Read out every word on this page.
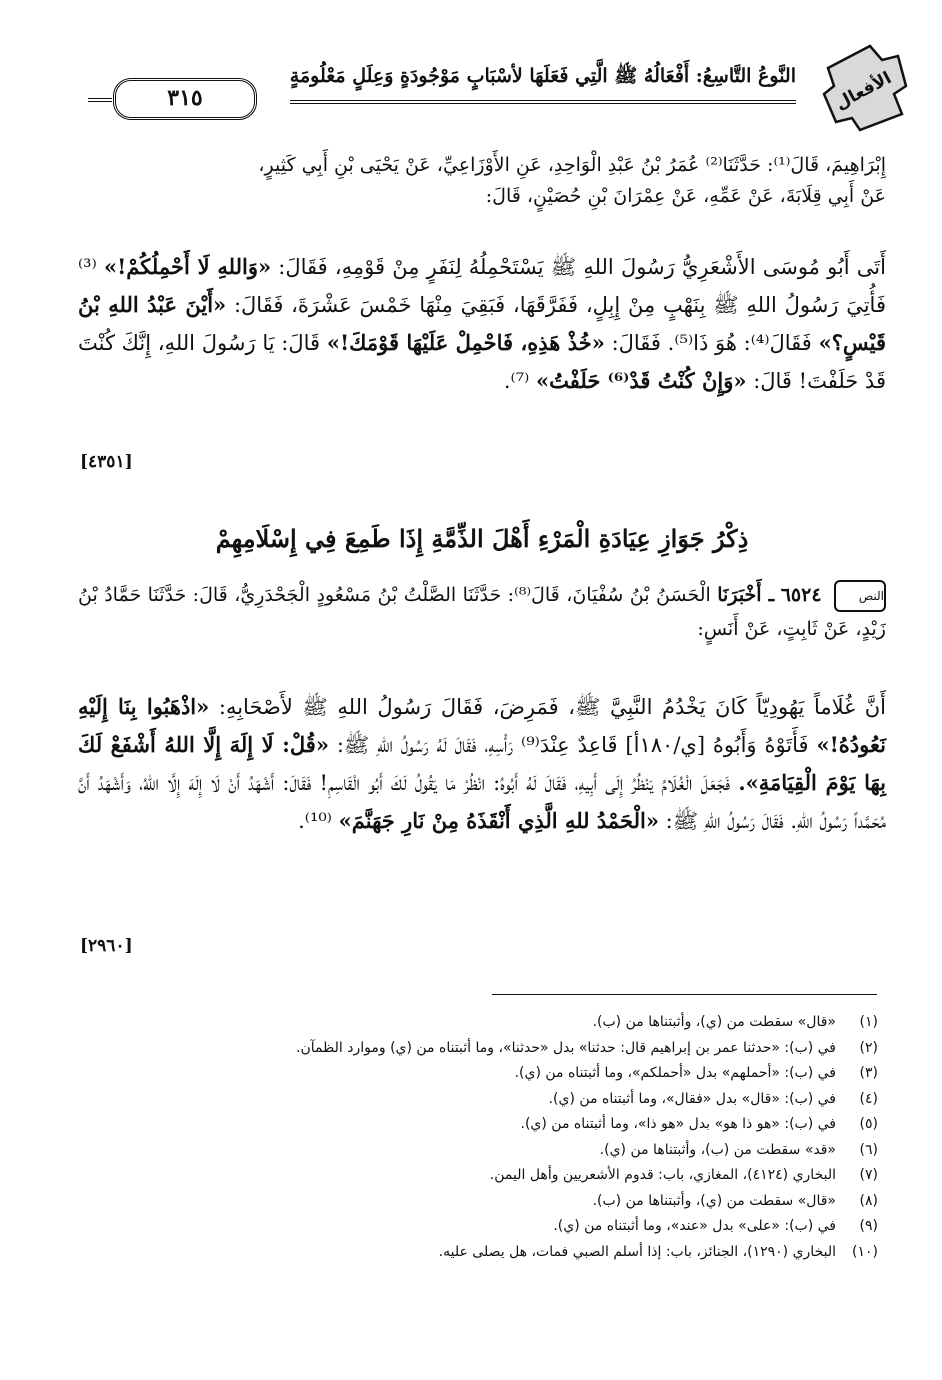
الأفعال
النَّوعُ التَّاسِعُ: أَفْعَالُهُ ﷺ الَّتِي فَعَلَهَا لأسْبَابٍ مَوْجُودَةٍ وَعِلَلٍ مَعْلُومَةٍ
٣١٥
إِبْرَاهِيمَ، قَالَ⁽¹⁾: حَدَّثَنَا⁽²⁾ عُمَرُ بْنُ عَبْدِ الْوَاحِدِ، عَنِ الأَوْزَاعِيِّ، عَنْ يَحْيَى بْنِ أَبِي كَثِيرٍ،
عَنْ أَبِي قِلَابَةَ، عَنْ عَمِّهِ، عَنْ عِمْرَانَ بْنِ حُصَيْنٍ، قَالَ:
أَتَى أَبُو مُوسَى الأَشْعَرِيُّ رَسُولَ اللهِ ﷺ يَسْتَحْمِلُهُ لِنَفَرٍ مِنْ قَوْمِهِ، فَقَالَ: «وَاللهِ لَا أَحْمِلُكُمْ!» ⁽³⁾ فَأُتِيَ رَسُولُ اللهِ ﷺ بِنَهْبٍ مِنْ إِبِلٍ، فَفَرَّقَهَا، فَبَقِيَ مِنْهَا خَمْسَ عَشْرَةَ، فَقَالَ: «أَيْنَ عَبْدُ اللهِ بْنُ قَيْسٍ؟» فَقَالَ⁽⁴⁾: هُوَ ذَا⁽⁵⁾. فَقَالَ: «خُذْ هَذِهِ، فَاحْمِلْ عَلَيْهَا قَوْمَكَ!» قَالَ: يَا رَسُولَ اللهِ، إِنَّكَ كُنْتَ قَدْ حَلَفْتَ! قَالَ: «وَإِنْ كُنْتُ قَدْ⁽⁶⁾ حَلَفْتُ» ⁽⁷⁾.
[٤٣٥١]
ذِكْرُ جَوَازِ عِيَادَةِ الْمَرْءِ أَهْلَ الذِّمَّةِ إِذَا طَمِعَ فِي إِسْلَامِهِمْ
النص ٦٥٢٤ ـ أَخْبَرَنَا الْحَسَنُ بْنُ سُفْيَانَ، قَالَ⁽⁸⁾: حَدَّثَنَا الصَّلْتُ بْنُ مَسْعُودٍ الْجَحْدَرِيُّ، قَالَ: حَدَّثَنَا حَمَّادُ بْنُ زَيْدٍ، عَنْ ثَابِتٍ، عَنْ أَنَسٍ:
أَنَّ غُلَاماً يَهُودِيّاً كَانَ يَخْدُمُ النَّبِيَّ ﷺ، فَمَرِضَ، فَقَالَ رَسُولُ اللهِ ﷺ لأَصْحَابِهِ: «اذْهَبُوا بِنَا إِلَيْهِ نَعُودُهُ!» فَأَتَوْهُ وَأَبُوهُ [ي/١٨٠أ] قَاعِدٌ عِنْدَ⁽⁹⁾ رَأْسِهِ، فَقَالَ لَهُ رَسُولُ اللهِ ﷺ: «قُلْ: لَا إِلَهَ إِلَّا اللهُ أَشْفَعْ لَكَ بِهَا يَوْمَ الْقِيَامَةِ». فَجَعَلَ الْغُلَامُ يَنْظُرُ إِلَى أَبِيهِ، فَقَالَ لَهُ أَبُوهُ: انْظُرْ مَا يَقُولُ لَكَ أَبُو الْقَاسِمِ! فَقَالَ: أَشْهَدُ أَنْ لَا إِلَهَ إِلَّا اللهُ، وَأَشْهَدُ أَنَّ مُحَمَّداً رَسُولُ اللهِ. فَقَالَ رَسُولُ اللهِ ﷺ: «الْحَمْدُ للهِ الَّذِي أَنْقَذَهُ مِنْ نَارِ جَهَنَّمَ» ⁽¹⁰⁾.
[٢٩٦٠]
(١)«قال» سقطت من (ي)، وأثبتناها من (ب).
(٢)في (ب): «حدثنا عمر بن إبراهيم قال: حدثنا» بدل «حدثنا»، وما أثبتناه من (ي) وموارد الظمآن.
(٣)في (ب): «أحملهم» بدل «أحملكم»، وما أثبتناه من (ي).
(٤)في (ب): «قال» بدل «فقال»، وما أثبتناه من (ي).
(٥)في (ب): «هو ذا هو» بدل «هو ذا»، وما أثبتناه من (ي).
(٦)«قد» سقطت من (ب)، وأثبتناها من (ي).
(٧)البخاري (٤١٢٤)، المغازي، باب: قدوم الأشعريين وأهل اليمن.
(٨)«قال» سقطت من (ي)، وأثبتناها من (ب).
(٩)في (ب): «على» بدل «عند»، وما أثبتناه من (ي).
(١٠)البخاري (١٢٩٠)، الجنائز، باب: إذا أسلم الصبي فمات، هل يصلى عليه.
